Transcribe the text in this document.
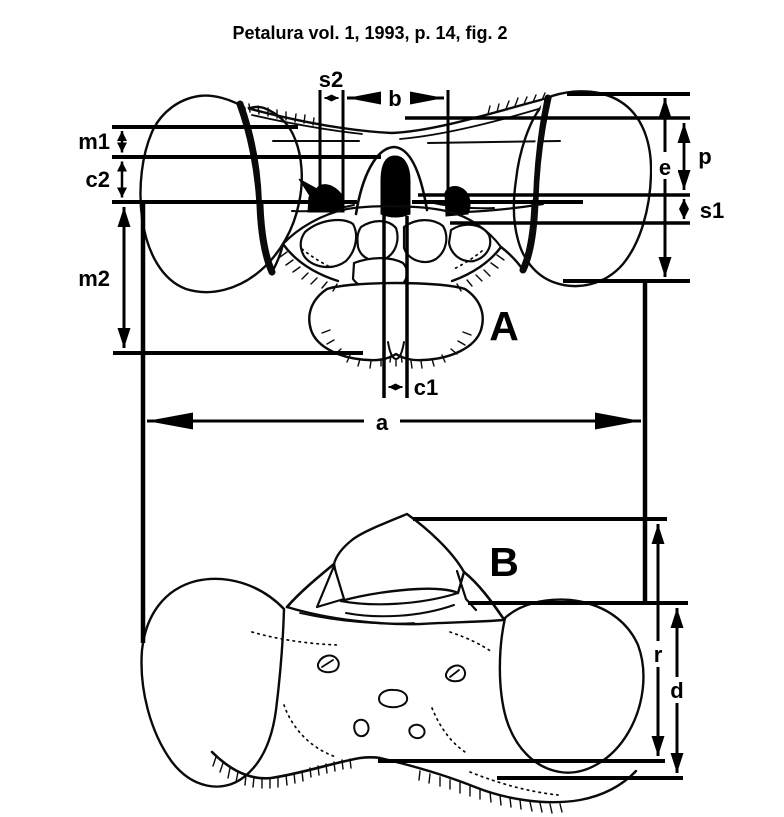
Petalura vol. 1, 1993, p. 14, fig. 2
s2
b
m1
c2
m2
e p
s1
c1
a
r
d
A
B
